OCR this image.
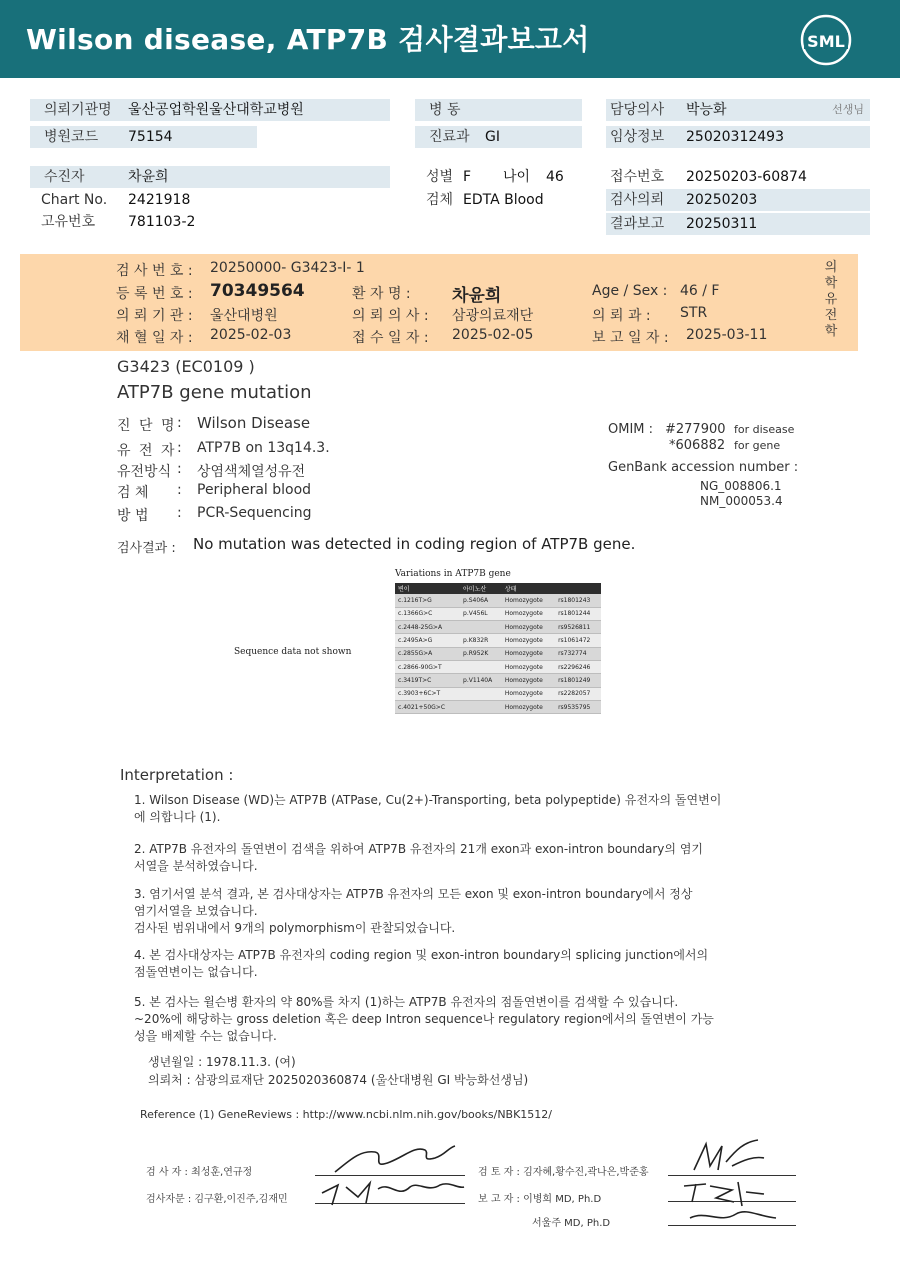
Wilson disease, ATP7B 검사결과보고서	SML
의뢰기관명 울산공업학원울산대학교병원
병원코드 75154
수진자	차윤희
Chart No. 2421918
고유번호 781103-2
병 동
진료과 GI
성별 F 나이 46
검체 EDTA Blood
담당의사 박능화	선생님
임상정보 25020312493
접수번호 20250203-60874
검사의뢰 20250203
결과보고 20250311
검 사 번 호 : 20250000- G3423-I- 1
등 록 번 호 : 70349564	환 자 명 : 차윤희	Age / Sex : 46 / F
의 뢰 기 관 : 울산대병원	의 뢰 의 사 : 삼광의료재단	의 뢰 과 : STR
채 혈 일 자 : 2025-02-03	접 수 일 자 : 2025-02-05	보 고 일 자 : 2025-03-11
의
학
유
전
학
G3423 (EC0109 )
ATP7B gene mutation
진 단 명 : Wilson Disease
유 전 자 : ATP7B on 13q14.3.
유전방식 : 상염색체열성유전
검 체 : Peripheral blood
방 법 : PCR-Sequencing
OMIM : #277900 for disease
*606882 for gene
GenBank accession number :
NG_008806.1
NM_000053.4
검사결과 : No mutation was detected in coding region of ATP7B gene.
Sequence data not shown
Variations in ATP7B gene
변이	아미노산	상태	
c.1216T>G	p.S406A	Homozygote	rs1801243
c.1366G>C	p.V456L	Homozygote	rs1801244
c.2448-25G>A		Homozygote	rs9526811
c.2495A>G	p.K832R	Homozygote	rs1061472
c.2855G>A	p.R952K	Homozygote	rs732774
c.2866-90G>T		Homozygote	rs2296246
c.3419T>C	p.V1140A	Homozygote	rs1801249
c.3903+6C>T		Homozygote	rs2282057
c.4021+50G>C		Homozygote	rs9535795
Interpretation :
1. Wilson Disease (WD)는 ATP7B (ATPase, Cu(2+)-Transporting, beta polypeptide) 유전자의 돌연변이
에 의합니다 (1).
2. ATP7B 유전자의 돌연변이 검색을 위하여 ATP7B 유전자의 21개 exon과 exon-intron boundary의 염기
서열을 분석하였습니다.
3. 염기서열 분석 결과, 본 검사대상자는 ATP7B 유전자의 모든 exon 및 exon-intron boundary에서 정상
염기서열을 보였습니다.
검사된 범위내에서 9개의 polymorphism이 관찰되었습니다.
4. 본 검사대상자는 ATP7B 유전자의 coding region 및 exon-intron boundary의 splicing junction에서의
점돌연변이는 없습니다.
5. 본 검사는 윌슨병 환자의 약 80%를 차지 (1)하는 ATP7B 유전자의 점돌연변이를 검색할 수 있습니다.
~20%에 해당하는 gross deletion 혹은 deep Intron sequence나 regulatory region에서의 돌연변이 가능
성을 배제할 수는 없습니다.
생년월일 : 1978.11.3. (여)
의뢰처 : 삼광의료재단 2025020360874 (울산대병원 GI 박능화선생님)
Reference (1) GeneReviews : http://www.ncbi.nlm.nih.gov/books/NBK1512/
검 사 자 : 최성훈,연규정
검사자문 : 김구환,이진주,김재민
검 토 자 : 김자혜,황수진,곽나은,박준홍
보 고 자 : 이병희 MD, Ph.D
서울주 MD, Ph.D
